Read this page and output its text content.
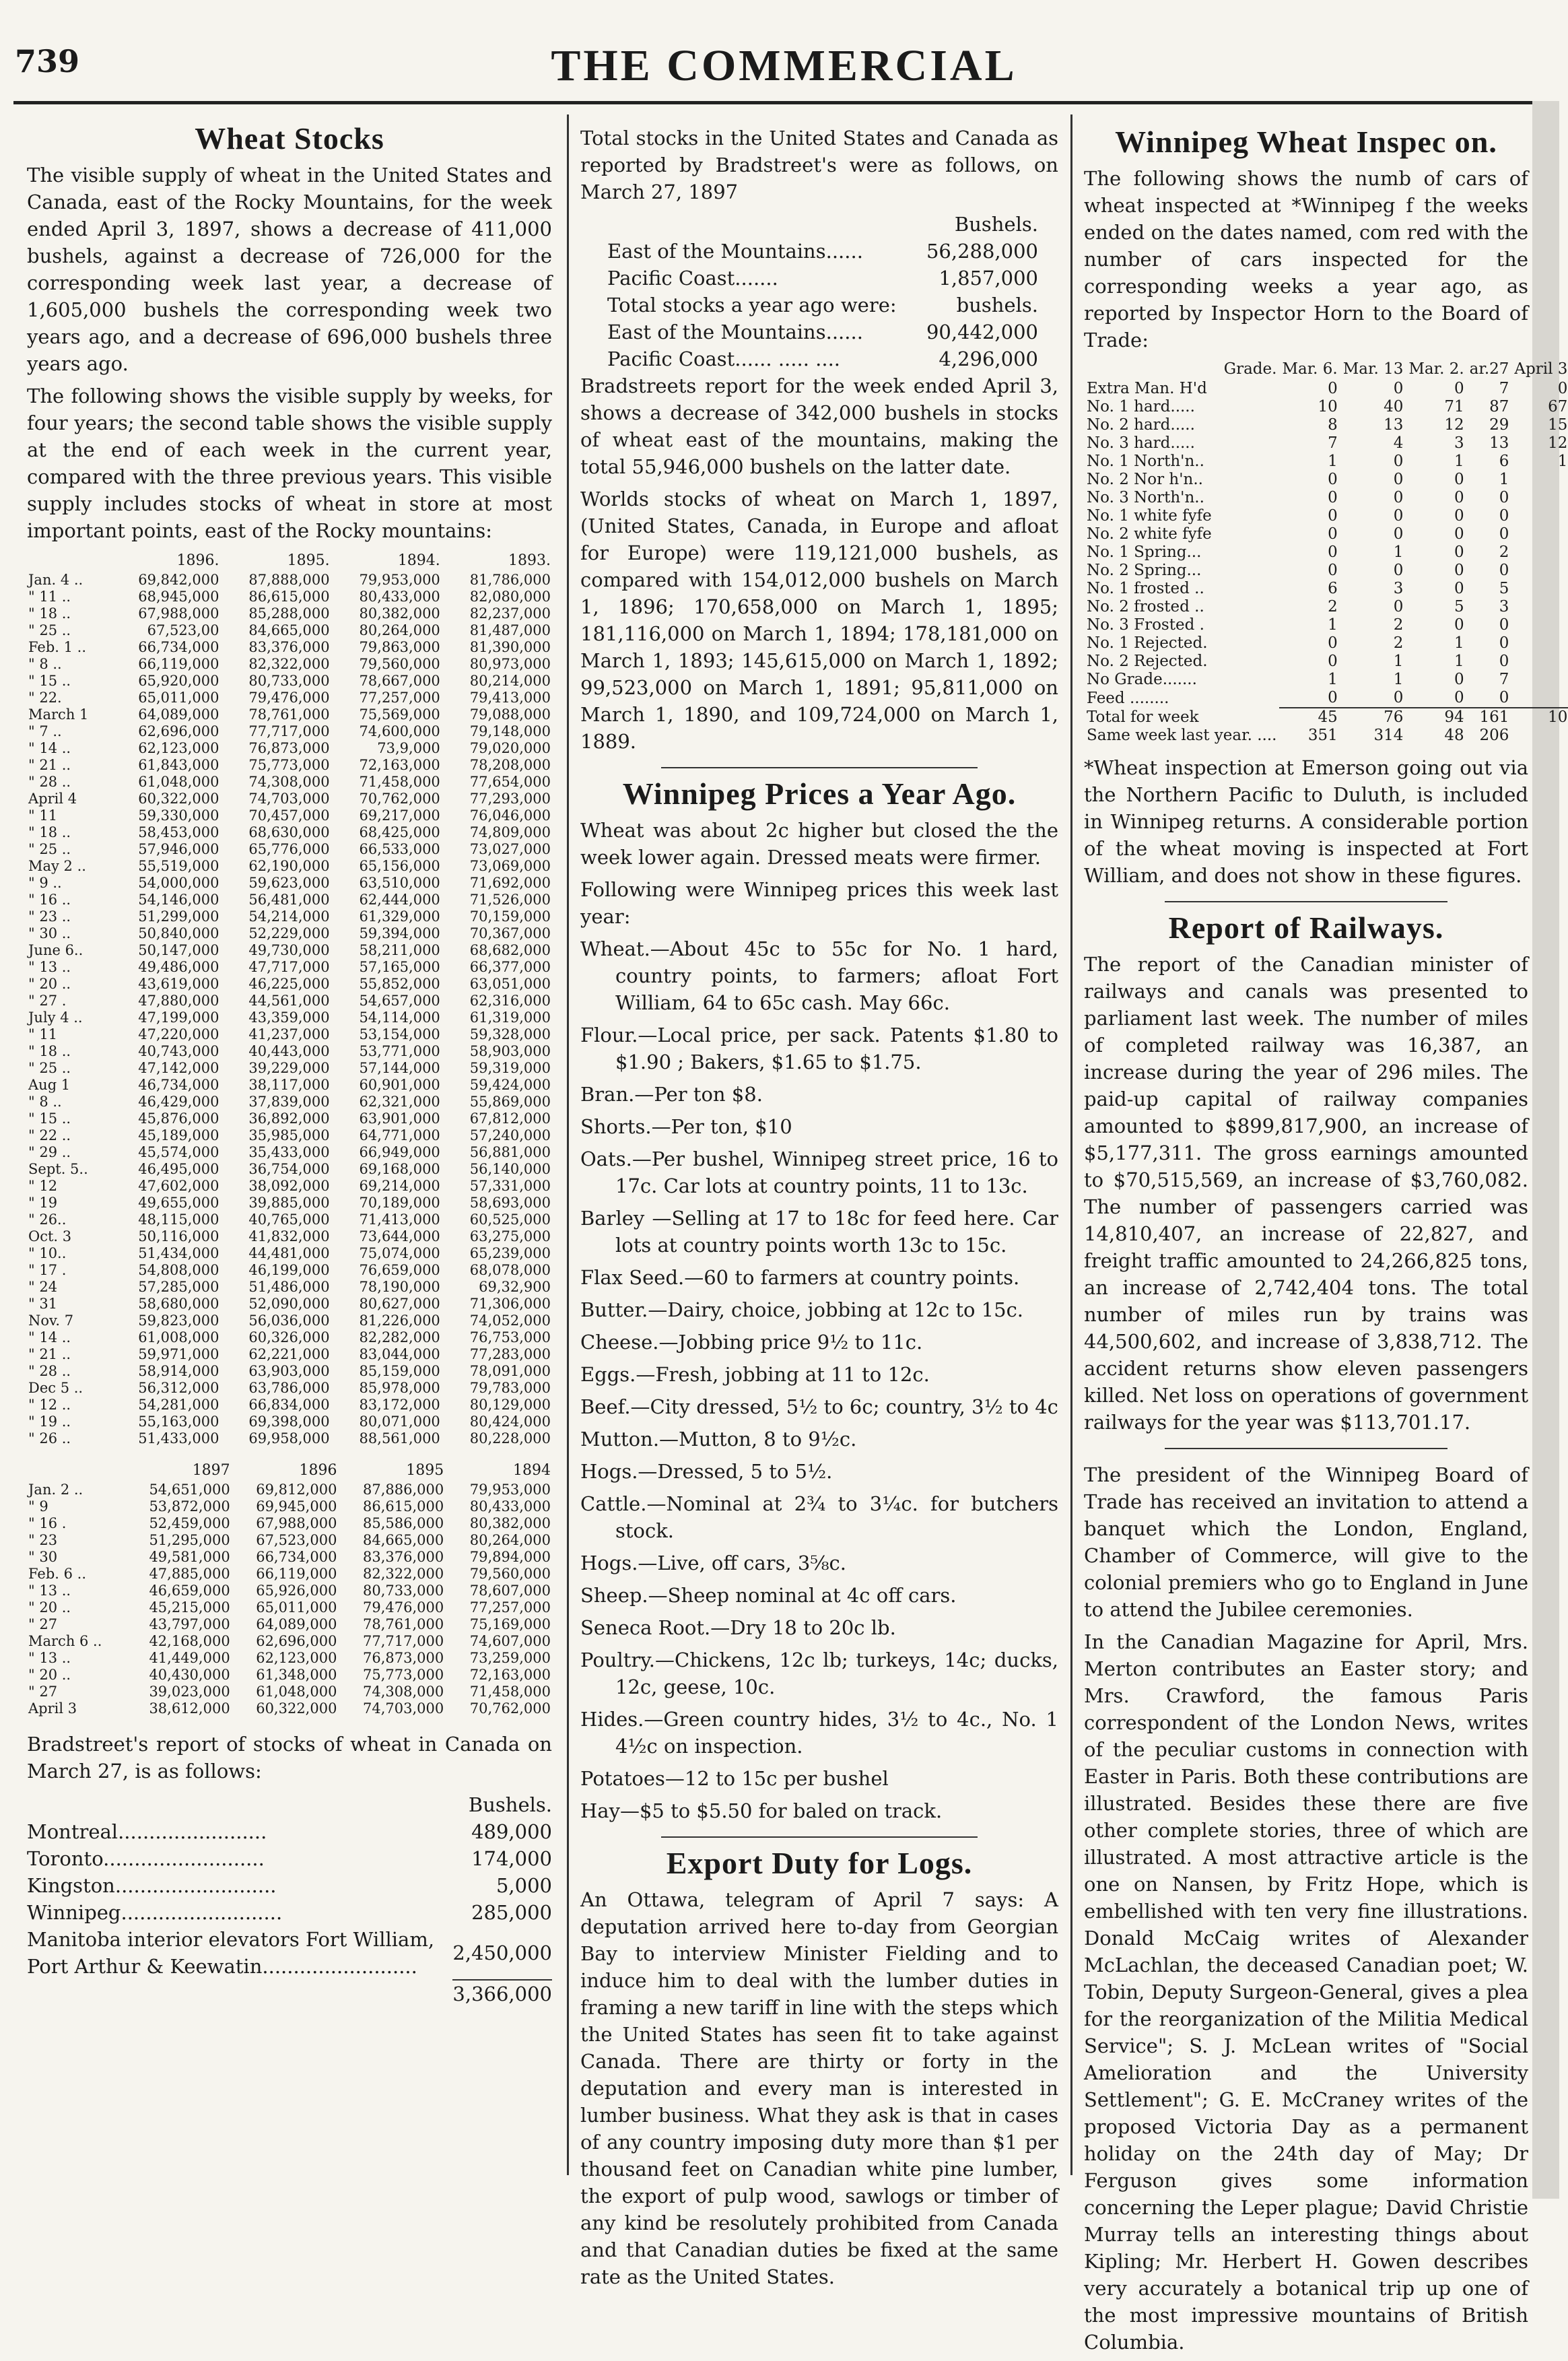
739	THE COMMERCIAL
Wheat Stocks

The visible supply of wheat in the United States and Canada, east of the Rocky Mountains, for the week ended April 3, 1897, shows a decrease of 411,000 bushels, against a decrease of 726,000 for the corresponding week last year, a decrease of 1,605,000 bushels the corresponding week two years ago, and a decrease of 696,000 bushels three years ago.

The following shows the visible supply by weeks, for four years; the second table shows the visible supply at the end of each week in the current year, compared with the three previous years. This visible supply includes stocks of wheat in store at most important points, east of the Rocky mountains:

	1896.	1895.	1894.	1893.
Jan. 4 ..	69,842,000	87,888,000	79,953,000	81,786,000
" 11 ..	68,945,000	86,615,000	80,433,000	82,080,000
" 18 ..	67,988,000	85,288,000	80,382,000	82,237,000
" 25 ..	67,523,00	84,665,000	80,264,000	81,487,000
Feb. 1 ..	66,734,000	83,376,000	79,863,000	81,390,000
" 8 ..	66,119,000	82,322,000	79,560,000	80,973,000
" 15 ..	65,920,000	80,733,000	78,667,000	80,214,000
" 22.	65,011,000	79,476,000	77,257,000	79,413,000
March 1	64,089,000	78,761,000	75,569,000	79,088,000
" 7 ..	62,696,000	77,717,000	74,600,000	79,148,000
" 14 ..	62,123,000	76,873,000	73,9,000	79,020,000
" 21 ..	61,843,000	75,773,000	72,163,000	78,208,000
" 28 ..	61,048,000	74,308,000	71,458,000	77,654,000
April 4	60,322,000	74,703,000	70,762,000	77,293,000
" 11	59,330,000	70,457,000	69,217,000	76,046,000
" 18 ..	58,453,000	68,630,000	68,425,000	74,809,000
" 25 ..	57,946,000	65,776,000	66,533,000	73,027,000
May 2 ..	55,519,000	62,190,000	65,156,000	73,069,000
" 9 ..	54,000,000	59,623,000	63,510,000	71,692,000
" 16 ..	54,146,000	56,481,000	62,444,000	71,526,000
" 23 ..	51,299,000	54,214,000	61,329,000	70,159,000
" 30 ..	50,840,000	52,229,000	59,394,000	70,367,000
June 6..	50,147,000	49,730,000	58,211,000	68,682,000
" 13 ..	49,486,000	47,717,000	57,165,000	66,377,000
" 20 ..	43,619,000	46,225,000	55,852,000	63,051,000
" 27 .	47,880,000	44,561,000	54,657,000	62,316,000
July 4 ..	47,199,000	43,359,000	54,114,000	61,319,000
" 11	47,220,000	41,237,000	53,154,000	59,328,000
" 18 ..	40,743,000	40,443,000	53,771,000	58,903,000
" 25 ..	47,142,000	39,229,000	57,144,000	59,319,000
Aug 1	46,734,000	38,117,000	60,901,000	59,424,000
" 8 ..	46,429,000	37,839,000	62,321,000	55,869,000
" 15 ..	45,876,000	36,892,000	63,901,000	67,812,000
" 22 ..	45,189,000	35,985,000	64,771,000	57,240,000
" 29 ..	45,574,000	35,433,000	66,949,000	56,881,000
Sept. 5..	46,495,000	36,754,000	69,168,000	56,140,000
" 12	47,602,000	38,092,000	69,214,000	57,331,000
" 19	49,655,000	39,885,000	70,189,000	58,693,000
" 26..	48,115,000	40,765,000	71,413,000	60,525,000
Oct. 3	50,116,000	41,832,000	73,644,000	63,275,000
" 10..	51,434,000	44,481,000	75,074,000	65,239,000
" 17 .	54,808,000	46,199,000	76,659,000	68,078,000
" 24	57,285,000	51,486,000	78,190,000	69,32,900
" 31	58,680,000	52,090,000	80,627,000	71,306,000
Nov. 7	59,823,000	56,036,000	81,226,000	74,052,000
" 14 ..	61,008,000	60,326,000	82,282,000	76,753,000
" 21 ..	59,971,000	62,221,000	83,044,000	77,283,000
" 28 ..	58,914,000	63,903,000	85,159,000	78,091,000
Dec 5 ..	56,312,000	63,786,000	85,978,000	79,783,000
" 12 ..	54,281,000	66,834,000	83,172,000	80,129,000
" 19 ..	55,163,000	69,398,000	80,071,000	80,424,000
" 26 ..	51,433,000	69,958,000	88,561,000	80,228,000
	1897	1896	1895	1894
Jan. 2 ..	54,651,000	69,812,000	87,886,000	79,953,000
" 9	53,872,000	69,945,000	86,615,000	80,433,000
" 16 .	52,459,000	67,988,000	85,586,000	80,382,000
" 23	51,295,000	67,523,000	84,665,000	80,264,000
" 30	49,581,000	66,734,000	83,376,000	79,894,000
Feb. 6 ..	47,885,000	66,119,000	82,322,000	79,560,000
" 13 ..	46,659,000	65,926,000	80,733,000	78,607,000
" 20 ..	45,215,000	65,011,000	79,476,000	77,257,000
" 27	43,797,000	64,089,000	78,761,000	75,169,000
March 6 ..	42,168,000	62,696,000	77,717,000	74,607,000
" 13 ..	41,449,000	62,123,000	76,873,000	73,259,000
" 20 ..	40,430,000	61,348,000	75,773,000	72,163,000
" 27	39,023,000	61,048,000	74,308,000	71,458,000
April 3	38,612,000	60,322,000	74,703,000	70,762,000

Bradstreet's report of stocks of wheat in Canada on March 27, is as follows:

	Bushels.
Montreal........................	489,000
Toronto..........................	174,000
Kingston..........................	5,000
Winnipeg..........................	285,000
Manitoba interior elevators Fort William, Port Arthur & Keewatin.........................	2,450,000
	3,366,000

Total stocks in the United States and Canada as reported by Bradstreet's were as follows, on March 27, 1897

	Bushels.
East of the Mountains......	56,288,000
Pacific Coast.......	1,857,000
Total stocks a year ago were:	bushels.
East of the Mountains......	90,442,000
Pacific Coast...... ..... ....	4,296,000

Bradstreets report for the week ended April 3, shows a decrease of 342,000 bushels in stocks of wheat east of the mountains, making the total 55,946,000 bushels on the latter date.

Worlds stocks of wheat on March 1, 1897, (United States, Canada, in Europe and afloat for Europe) were 119,121,000 bushels, as compared with 154,012,000 bushels on March 1, 1896; 170,658,000 on March 1, 1895; 181,116,000 on March 1, 1894; 178,181,000 on March 1, 1893; 145,615,000 on March 1, 1892; 99,523,000 on March 1, 1891; 95,811,000 on March 1, 1890, and 109,724,000 on March 1, 1889.

Winnipeg Prices a Year Ago.

Wheat was about 2c higher but closed the the week lower again. Dressed meats were firmer.

Following were Winnipeg prices this week last year:

Wheat.—About 45c to 55c for No. 1 hard, country points, to farmers; afloat Fort William, 64 to 65c cash. May 66c.

Flour.—Local price, per sack. Patents $1.80 to $1.90 ; Bakers, $1.65 to $1.75.

Bran.—Per ton $8.

Shorts.—Per ton, $10

Oats.—Per bushel, Winnipeg street price, 16 to 17c. Car lots at country points, 11 to 13c.

Barley —Selling at 17 to 18c for feed here. Car lots at country points worth 13c to 15c.

Flax Seed.—60 to farmers at country points.

Butter.—Dairy, choice, jobbing at 12c to 15c.

Cheese.—Jobbing price 9½ to 11c.

Eggs.—Fresh, jobbing at 11 to 12c.

Beef.—City dressed, 5½ to 6c; country, 3½ to 4c

Mutton.—Mutton, 8 to 9½c.

Hogs.—Dressed, 5 to 5½.

Cattle.—Nominal at 2¾ to 3¼c. for butchers stock.

Hogs.—Live, off cars, 3⅝c.

Sheep.—Sheep nominal at 4c off cars.

Seneca Root.—Dry 18 to 20c lb.

Poultry.—Chickens, 12c lb; turkeys, 14c; ducks, 12c, geese, 10c.

Hides.—Green country hides, 3½ to 4c., No. 1 4½c on inspection.

Potatoes—12 to 15c per bushel

Hay—$5 to $5.50 for baled on track.

Export Duty for Logs.

An Ottawa, telegram of April 7 says: A deputation arrived here to-day from Georgian Bay to interview Minister Fielding and to induce him to deal with the lumber duties in framing a new tariff in line with the steps which the United States has seen fit to take against Canada. There are thirty or forty in the deputation and every man is interested in lumber business. What they ask is that in cases of any country imposing duty more than $1 per thousand feet on Canadian white pine lumber, the export of pulp wood, sawlogs or timber of any kind be resolutely prohibited from Canada and that Canadian duties be fixed at the same rate as the United States.

Winnipeg Wheat Inspec on.

The following shows the numb of cars of wheat inspected at *Winnipeg f the weeks ended on the dates named, com red with the number of cars inspected for the corresponding weeks a year ago, as reported by Inspector Horn to the Board of Trade:

Grade.	Mar. 6.	Mar. 13	Mar. 2.	ar.27	April 3
Extra Man. H'd	0	0	0	7	0
No. 1 hard.....	10	40	71	87	67
No. 2 hard.....	8	13	12	29	15
No. 3 hard.....	7	4	3	13	12
No. 1 North'n..	1	0	1	6	1
No. 2 Nor h'n..	0	0	0	1	
No. 3 North'n..	0	0	0	0	
No. 1 white fyfe	0	0	0	0	
No. 2 white fyfe	0	0	0	0	
No. 1 Spring...	0	1	0	2	
No. 2 Spring...	0	0	0	0	
No. 1 frosted ..	6	3	0	5	
No. 2 frosted ..	2	0	5	3	
No. 3 Frosted .	1	2	0	0	
No. 1 Rejected.	0	2	1	0	
No. 2 Rejected.	0	1	1	0	
No Grade.......	1	1	0	7	
Feed ........	0	0	0	0	
Total for week	45	76	94	161	10
Same week last year. ....	351	314	48	206	

*Wheat inspection at Emerson going out via the Northern Pacific to Duluth, is included in Winnipeg returns. A considerable portion of the wheat moving is inspected at Fort William, and does not show in these figures.

Report of Railways.

The report of the Canadian minister of railways and canals was presented to parliament last week. The number of miles of completed railway was 16,387, an increase during the year of 296 miles. The paid-up capital of railway companies amounted to $899,817,900, an increase of $5,177,311. The gross earnings amounted to $70,515,569, an increase of $3,760,082. The number of passengers carried was 14,810,407, an increase of 22,827, and freight traffic amounted to 24,266,825 tons, an increase of 2,742,404 tons. The total number of miles run by trains was 44,500,602, and increase of 3,838,712. The accident returns show eleven passengers killed. Net loss on operations of government railways for the year was $113,701.17.

The president of the Winnipeg Board of Trade has received an invitation to attend a banquet which the London, England, Chamber of Commerce, will give to the colonial premiers who go to England in June to attend the Jubilee ceremonies.

In the Canadian Magazine for April, Mrs. Merton contributes an Easter story; and Mrs. Crawford, the famous Paris correspondent of the London News, writes of the peculiar customs in connection with Easter in Paris. Both these contributions are illustrated. Besides these there are five other complete stories, three of which are illustrated. A most attractive article is the one on Nansen, by Fritz Hope, which is embellished with ten very fine illustrations. Donald McCaig writes of Alexander McLachlan, the deceased Canadian poet; W. Tobin, Deputy Surgeon-General, gives a plea for the reorganization of the Militia Medical Service"; S. J. McLean writes of "Social Amelioration and the University Settlement"; G. E. McCraney writes of the proposed Victoria Day as a permanent holiday on the 24th day of May; Dr Ferguson gives some information concerning the Leper plague; David Christie Murray tells an interesting things about Kipling; Mr. Herbert H. Gowen describes very accurately a botanical trip up one of the most impressive mountains of British Columbia.
